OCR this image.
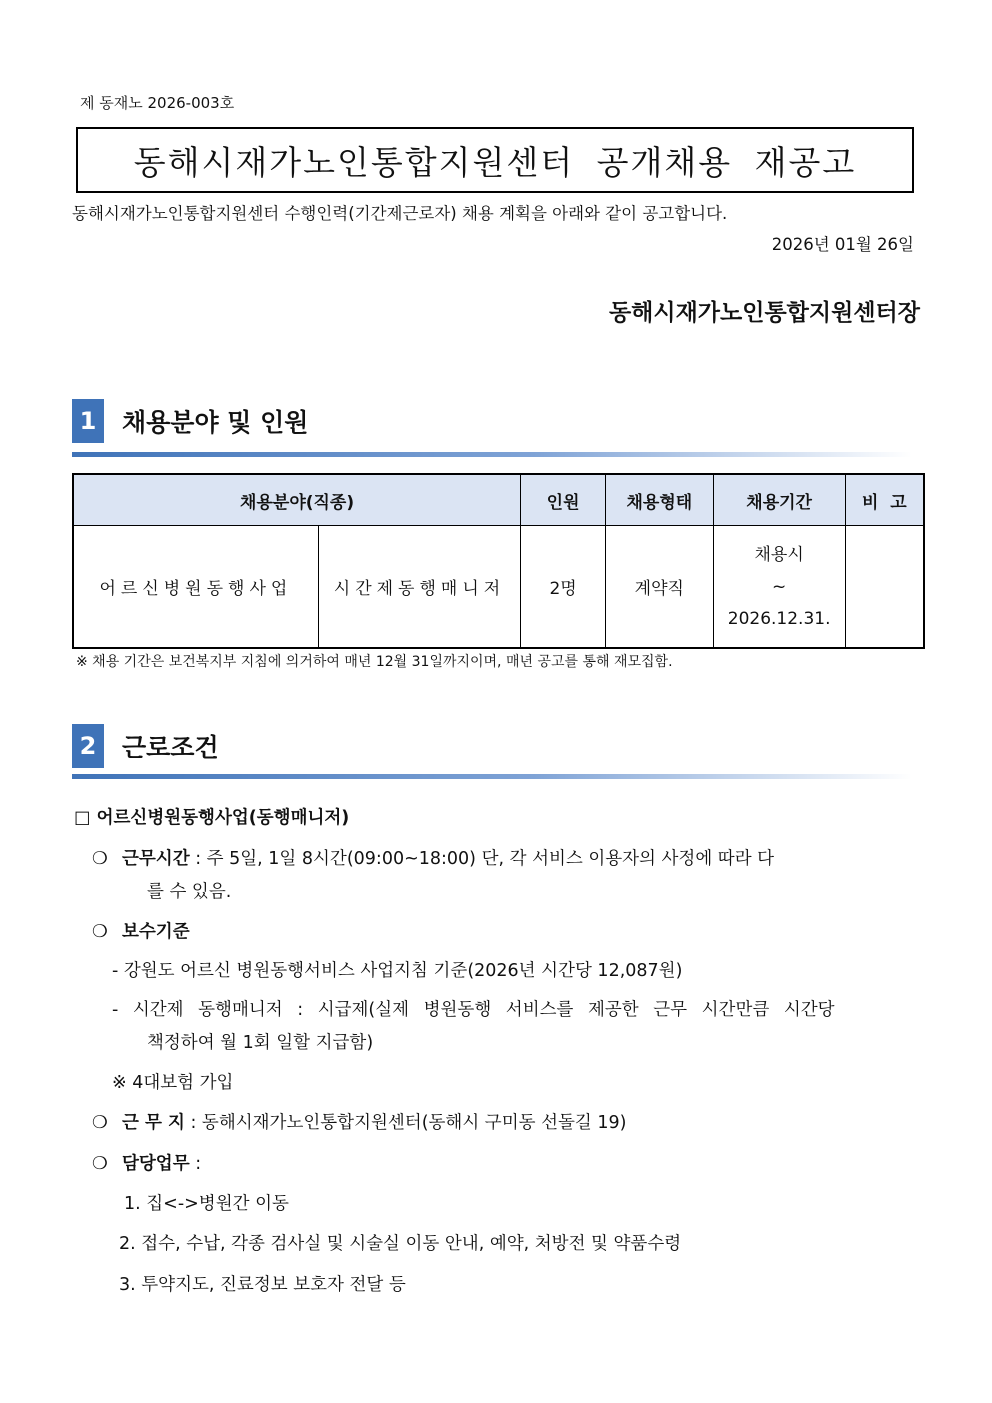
제 동재노 2026-003호
동해시재가노인통합지원센터 공개채용 재공고
동해시재가노인통합지원센터 수행인력(기간제근로자) 채용 계획을 아래와 같이 공고합니다.
2026년 01월 26일
동해시재가노인통합지원센터장
1	채용분야 및 인원
채용분야(직종)		인원	채용형태	채용기간	비  고
어르신병원동행사업	시간제동행매니저	2명	계약직	채용시
~
2026.12.31.	

※ 채용 기간은 보건복지부 지침에 의거하여 매년 12월 31일까지이며, 매년 공고를 통해 재모집함.
2	근로조건
□ 어르신병원동행사업(동행매니저)
❍ 근무시간 : 주 5일, 1일 8시간(09:00~18:00) 단, 각 서비스 이용자의 사정에 따라 다
를 수 있음.
❍ 보수기준
- 강원도 어르신 병원동행서비스 사업지침 기준(2026년 시간당 12,087원)
- 시간제 동행매니저 : 시급제(실제 병원동행 서비스를 제공한 근무 시간만큼 시간당
책정하여 월 1회 일할 지급함)
※ 4대보험 가입
❍ 근 무 지 : 동해시재가노인통합지원센터(동해시 구미동 선돌길 19)
❍ 담당업무 :
1. 집<->병원간 이동
2. 접수, 수납, 각종 검사실 및 시술실 이동 안내, 예약, 처방전 및 약품수령
3. 투약지도, 진료정보 보호자 전달 등
